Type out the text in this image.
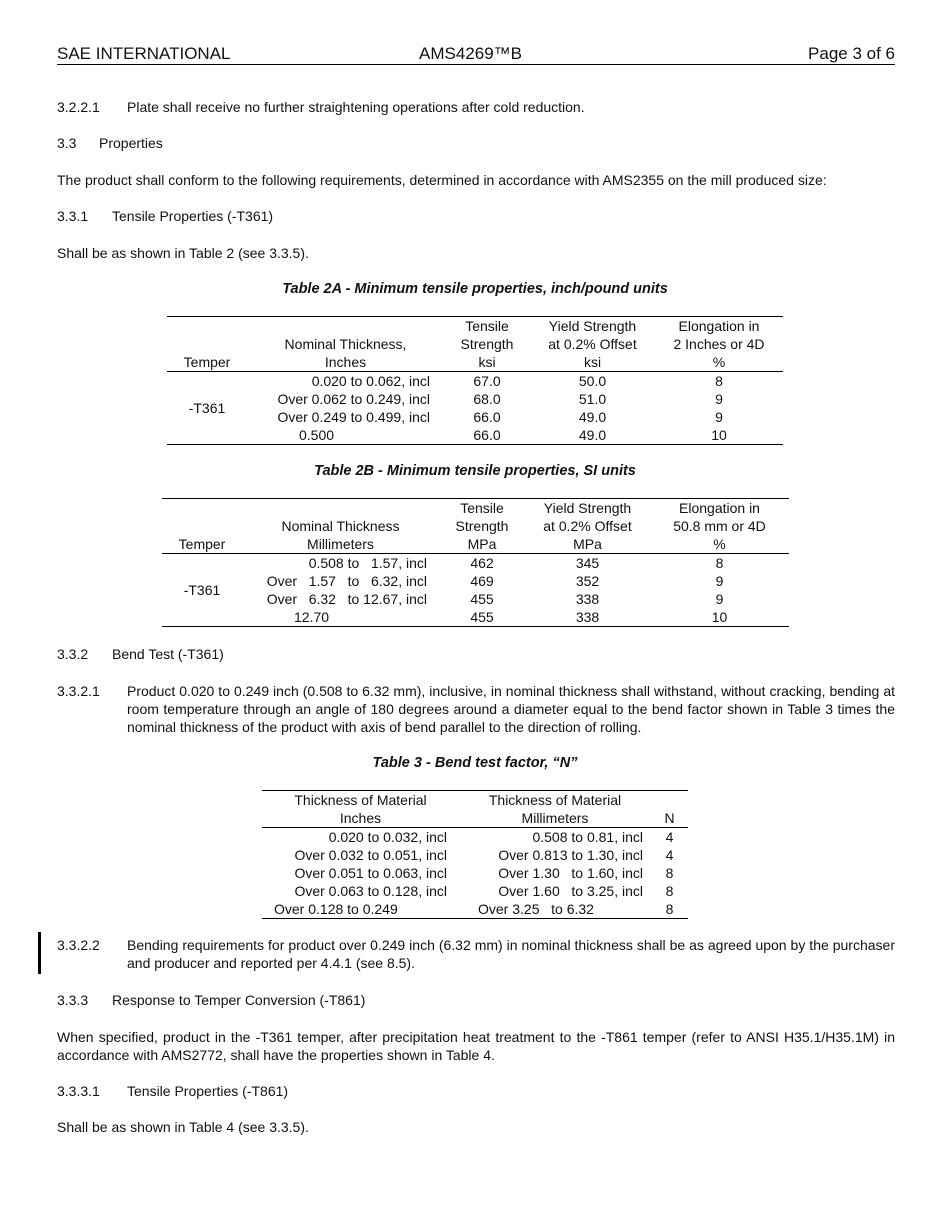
SAE INTERNATIONAL	AMS4269™B	Page 3 of 6
3.2.2.1 Plate shall receive no further straightening operations after cold reduction.
3.3 Properties
The product shall conform to the following requirements, determined in accordance with AMS2355 on the mill produced size:
3.3.1 Tensile Properties (-T361)
Shall be as shown in Table 2 (see 3.3.5).
Table 2A - Minimum tensile properties, inch/pound units
		Tensile	Yield Strength	Elongation in
	Nominal Thickness,	Strength	at 0.2% Offset	2 Inches or 4D
Temper	Inches	ksi	ksi	%
-T361	0.020 to 0.062, incl	67.0	50.0	8
	Over 0.062 to 0.249, incl	68.0	51.0	9
	Over 0.249 to 0.499, incl	66.0	49.0	9
	0.500	66.0	49.0	10
Table 2B - Minimum tensile properties, SI units
		Tensile	Yield Strength	Elongation in
	Nominal Thickness	Strength	at 0.2% Offset	50.8 mm or 4D
Temper	Millimeters	MPa	MPa	%
-T361	0.508 to   1.57, incl	462	345	8
	Over   1.57   to   6.32, incl	469	352	9
	Over   6.32   to 12.67, incl	455	338	9
	12.70	455	338	10
3.3.2 Bend Test (-T361)
3.3.2.1	Product 0.020 to 0.249 inch (0.508 to 6.32 mm), inclusive, in nominal thickness shall withstand, without cracking, bending at room temperature through an angle of 180 degrees around a diameter equal to the bend factor shown in Table 3 times the nominal thickness of the product with axis of bend parallel to the direction of rolling.
Table 3 - Bend test factor, “N”
Thickness of Material	Thickness of Material	
Inches	Millimeters	N
0.020 to 0.032, incl	0.508 to 0.81, incl	4
Over 0.032 to 0.051, incl	Over 0.813 to 1.30, incl	4
Over 0.051 to 0.063, incl	Over 1.30   to 1.60, incl	8
Over 0.063 to 0.128, incl	Over 1.60   to 3.25, incl	8
Over 0.128 to 0.249	Over 3.25   to 6.32	8
3.3.2.2	Bending requirements for product over 0.249 inch (6.32 mm) in nominal thickness shall be as agreed upon by the purchaser and producer and reported per 4.4.1 (see 8.5).
3.3.3 Response to Temper Conversion (-T861)
When specified, product in the -T361 temper, after precipitation heat treatment to the -T861 temper (refer to ANSI H35.1/H35.1M) in accordance with AMS2772, shall have the properties shown in Table 4.
3.3.3.1 Tensile Properties (-T861)
Shall be as shown in Table 4 (see 3.3.5).
